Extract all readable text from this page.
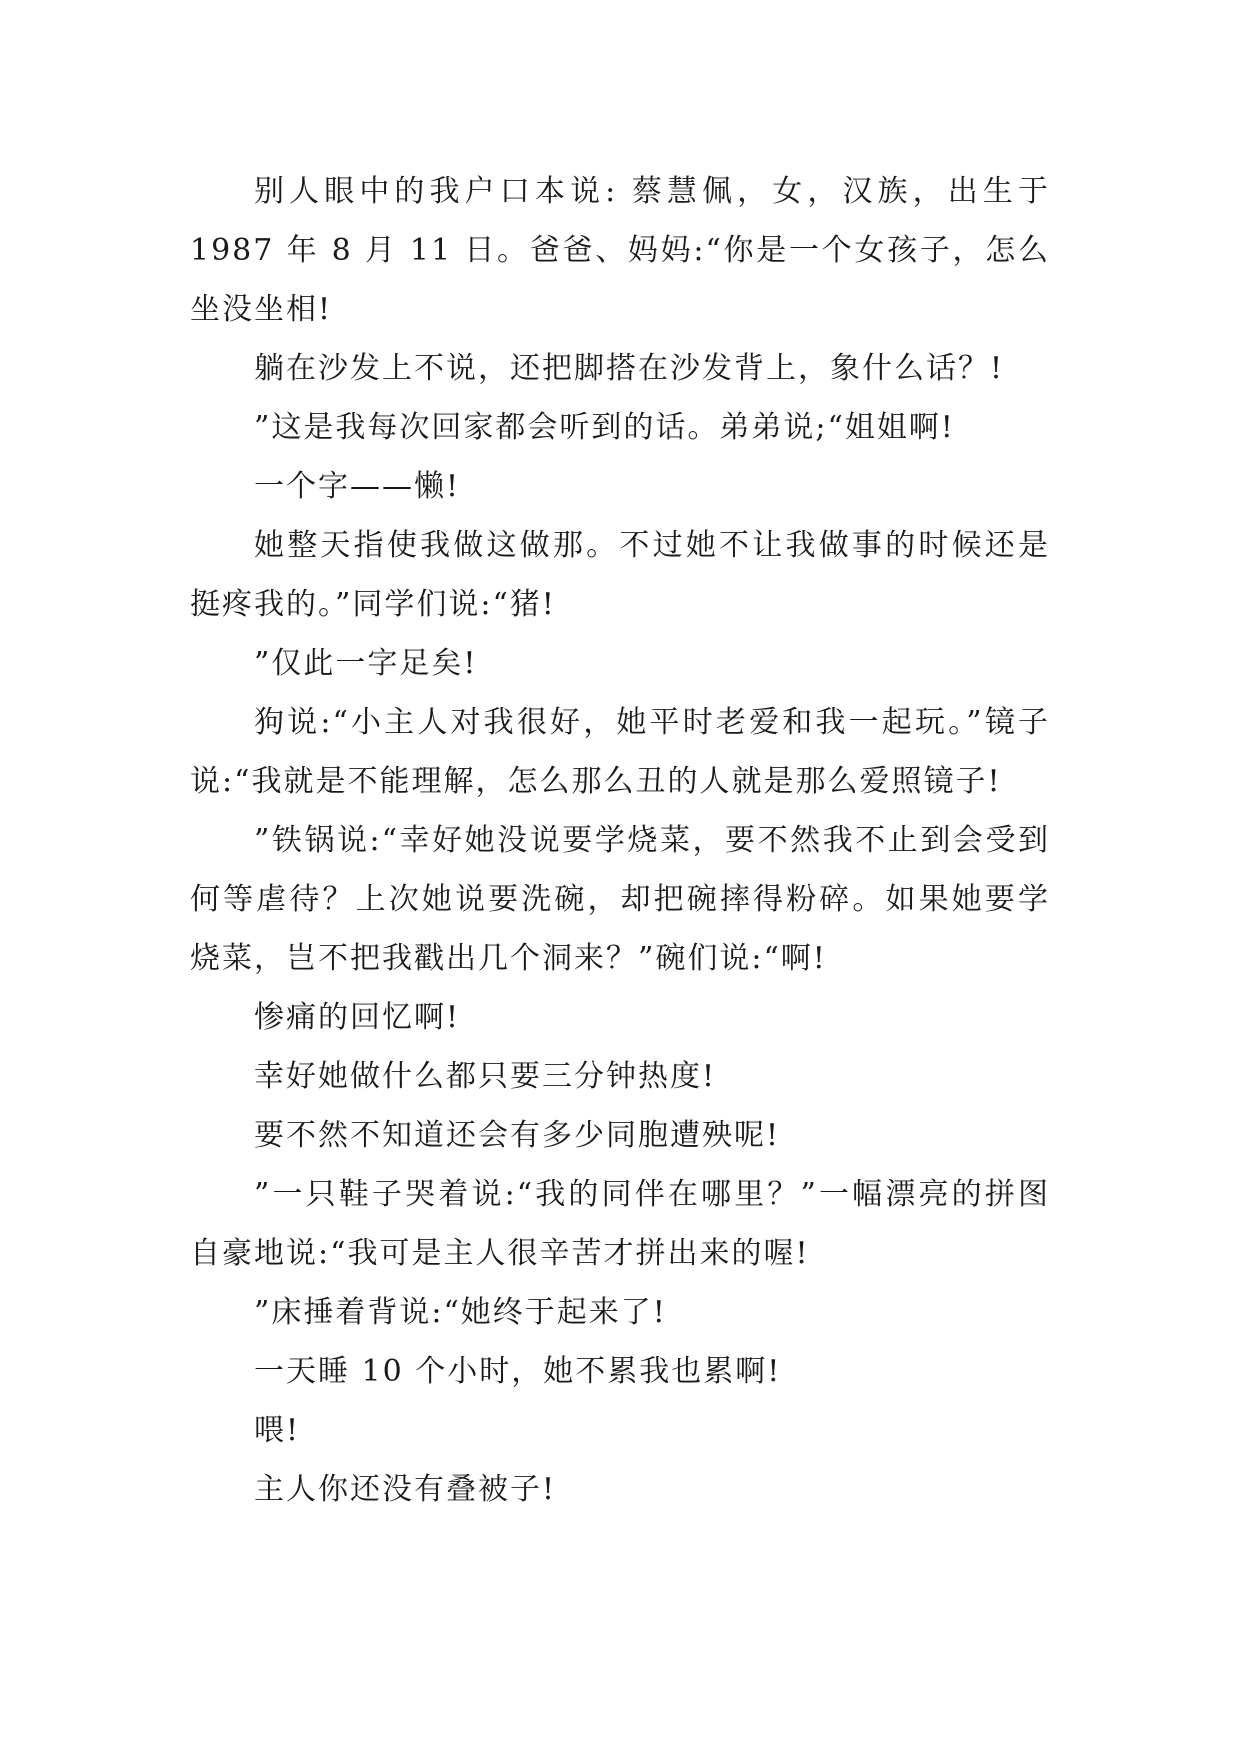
别人眼中的我户口本说: 蔡慧佩，女，汉族，出生于 1987 年 8 月 11 日。爸爸、妈妈:“你是一个女孩子，怎么坐没坐相!

躺在沙发上不说，还把脚搭在沙发背上，象什么话？!

”这是我每次回家都会听到的话。弟弟说;“姐姐啊!

一个字——懒!

她整天指使我做这做那。不过她不让我做事的时候还是挺疼我的。”同学们说:“猪!

”仅此一字足矣!

狗说:“小主人对我很好，她平时老爱和我一起玩。”镜子说:“我就是不能理解，怎么那么丑的人就是那么爱照镜子!

”铁锅说:“幸好她没说要学烧菜，要不然我不止到会受到何等虐待？上次她说要洗碗，却把碗摔得粉碎。如果她要学烧菜，岂不把我戳出几个洞来？”碗们说:“啊!

惨痛的回忆啊!

幸好她做什么都只要三分钟热度!

要不然不知道还会有多少同胞遭殃呢!

”一只鞋子哭着说:“我的同伴在哪里？”一幅漂亮的拼图自豪地说:“我可是主人很辛苦才拼出来的喔!

”床捶着背说:“她终于起来了!

一天睡 10 个小时，她不累我也累啊!

喂!

主人你还没有叠被子!
